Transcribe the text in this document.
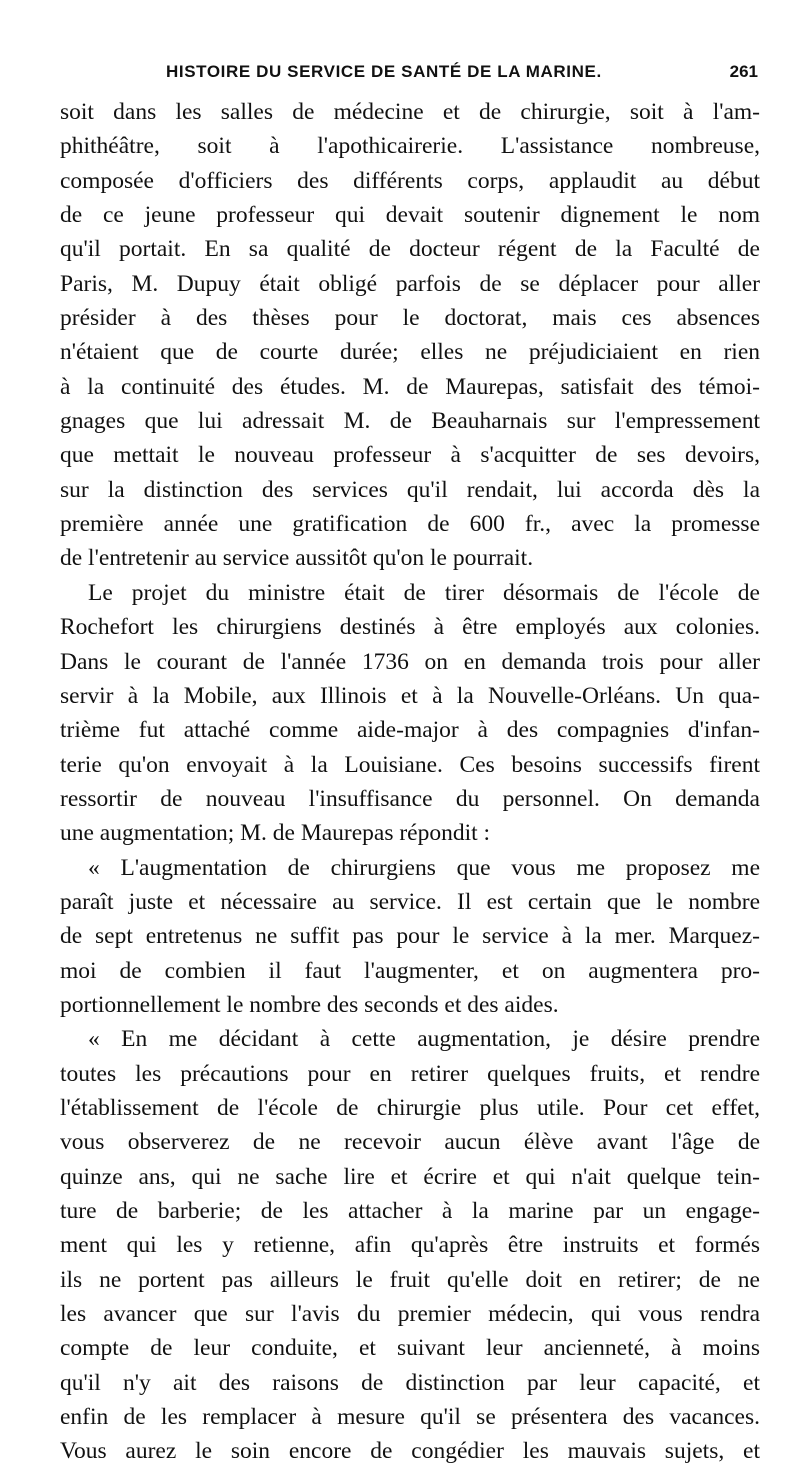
HISTOIRE DU SERVICE DE SANTÉ DE LA MARINE.	261
soit dans les salles de médecine et de chirurgie, soit à l'am-
phithéâtre, soit à l'apothicairerie. L'assistance nombreuse,
composée d'officiers des différents corps, applaudit au début
de ce jeune professeur qui devait soutenir dignement le nom
qu'il portait. En sa qualité de docteur régent de la Faculté de
Paris, M. Dupuy était obligé parfois de se déplacer pour aller
présider à des thèses pour le doctorat, mais ces absences
n'étaient que de courte durée; elles ne préjudiciaient en rien
à la continuité des études. M. de Maurepas, satisfait des témoi-
gnages que lui adressait M. de Beauharnais sur l'empressement
que mettait le nouveau professeur à s'acquitter de ses devoirs,
sur la distinction des services qu'il rendait, lui accorda dès la
première année une gratification de 600 fr., avec la promesse
de l'entretenir au service aussitôt qu'on le pourrait.
Le projet du ministre était de tirer désormais de l'école de
Rochefort les chirurgiens destinés à être employés aux colonies.
Dans le courant de l'année 1736 on en demanda trois pour aller
servir à la Mobile, aux Illinois et à la Nouvelle-Orléans. Un qua-
trième fut attaché comme aide-major à des compagnies d'infan-
terie qu'on envoyait à la Louisiane. Ces besoins successifs firent
ressortir de nouveau l'insuffisance du personnel. On demanda
une augmentation; M. de Maurepas répondit :
« L'augmentation de chirurgiens que vous me proposez me
paraît juste et nécessaire au service. Il est certain que le nombre
de sept entretenus ne suffit pas pour le service à la mer. Marquez-
moi de combien il faut l'augmenter, et on augmentera pro-
portionnellement le nombre des seconds et des aides.
« En me décidant à cette augmentation, je désire prendre
toutes les précautions pour en retirer quelques fruits, et rendre
l'établissement de l'école de chirurgie plus utile. Pour cet effet,
vous observerez de ne recevoir aucun élève avant l'âge de
quinze ans, qui ne sache lire et écrire et qui n'ait quelque tein-
ture de barberie; de les attacher à la marine par un engage-
ment qui les y retienne, afin qu'après être instruits et formés
ils ne portent pas ailleurs le fruit qu'elle doit en retirer; de ne
les avancer que sur l'avis du premier médecin, qui vous rendra
compte de leur conduite, et suivant leur ancienneté, à moins
qu'il n'y ait des raisons de distinction par leur capacité, et
enfin de les remplacer à mesure qu'il se présentera des vacances.
Vous aurez le soin encore de congédier les mauvais sujets, et
